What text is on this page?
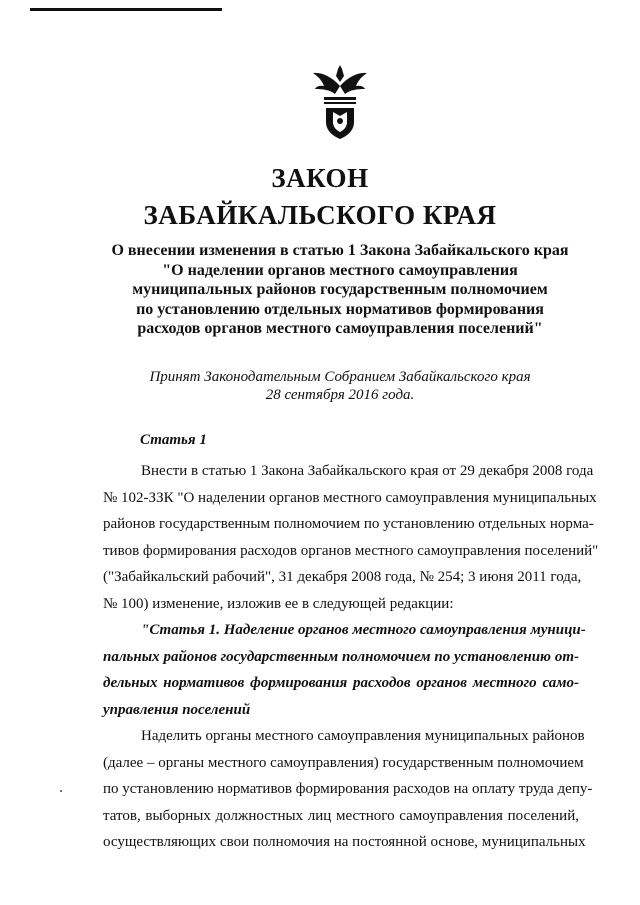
ЗАКОН
ЗАБАЙКАЛЬСКОГО КРАЯ
О внесении изменения в статью 1 Закона Забайкальского края
"О наделении органов местного самоуправления
муниципальных районов государственным полномочием
по установлению отдельных нормативов формирования
расходов органов местного самоуправления поселений"
Принят Законодательным Собранием Забайкальского края
28 сентября 2016 года.
Статья 1
Внести в статью 1 Закона Забайкальского края от 29 декабря 2008 года
№ 102-ЗЗК "О наделении органов местного самоуправления муниципальных
районов государственным полномочием по установлению отдельных норма-
тивов формирования расходов органов местного самоуправления поселений"
("Забайкальский рабочий", 31 декабря 2008 года, № 254; 3 июня 2011 года,
№ 100) изменение, изложив ее в следующей редакции:
"Статья 1. Наделение органов местного самоуправления муници-
пальных районов государственным полномочием по установлению от-
дельных нормативов формирования расходов органов местного само-
управления поселений
Наделить органы местного самоуправления муниципальных районов
(далее – органы местного самоуправления) государственным полномочием
по установлению нормативов формирования расходов на оплату труда депу-
татов, выборных должностных лиц местного самоуправления поселений,
осуществляющих свои полномочия на постоянной основе, муниципальных
